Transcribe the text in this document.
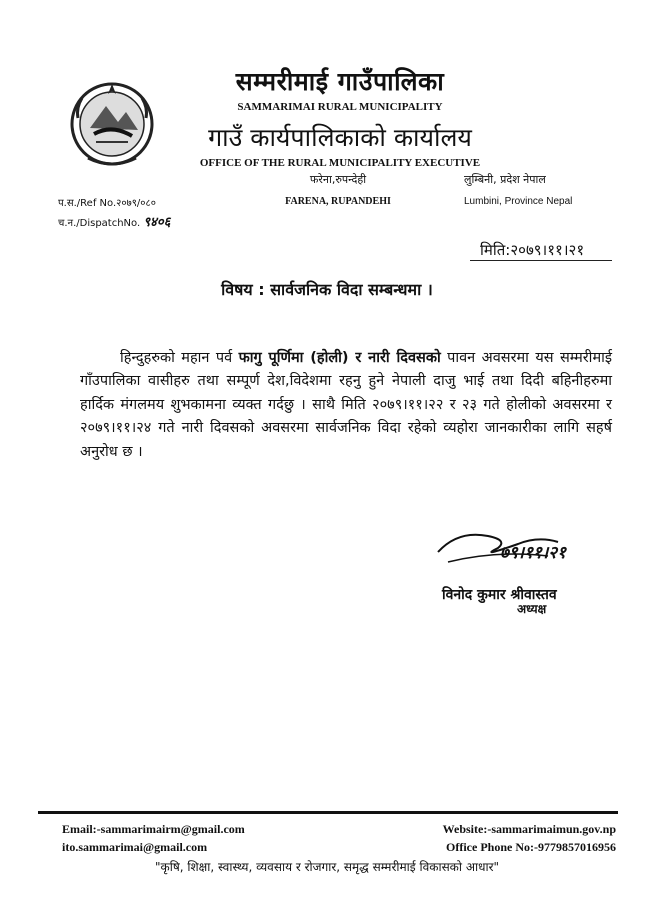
सम्मरीमाई गाउँपालिका
SAMMARIMAI RURAL MUNICIPALITY
गाउँ कार्यपालिकाको कार्यालय
OFFICE OF THE RURAL MUNICIPALITY EXECUTIVE
फरेना,रुपन्देही
FARENA, RUPANDEHI
लुम्बिनी, प्रदेश नेपाल
Lumbini, Province Nepal
प.स./Ref No.२०७९/०८०
च.न./DispatchNo. ९४०६
मिति:२०७९।११।२१
विषय : सार्वजनिक विदा सम्बन्धमा ।
हिन्दुहरुको महान पर्व फागु पूर्णिमा (होली) र नारी दिवसको पावन अवसरमा यस सम्मरीमाई गाँउपालिका वासीहरु तथा सम्पूर्ण देश,विदेशमा रहनु हुने नेपाली दाजु भाई तथा दिदी बहिनीहरुमा हार्दिक मंगलमय शुभकामना व्यक्त गर्दछु । साथै मिति २०७९।११।२२ र २३ गते होलीको अवसरमा र २०७९।११।२४ गते नारी दिवसको अवसरमा सार्वजनिक विदा रहेको व्यहोरा जानकारीका लागि सहर्ष अनुरोध छ ।
७९।११।२१
विनोद कुमार श्रीवास्तव
अध्यक्ष
Email:-sammarimairm@gmail.com
ito.sammarimai@gmail.com
Website:-sammarimaimun.gov.np
Office Phone No:-9779857016956
"कृषि, शिक्षा, स्वास्थ्य, व्यवसाय र रोजगार, समृद्ध सम्मरीमाई विकासको आधार"
